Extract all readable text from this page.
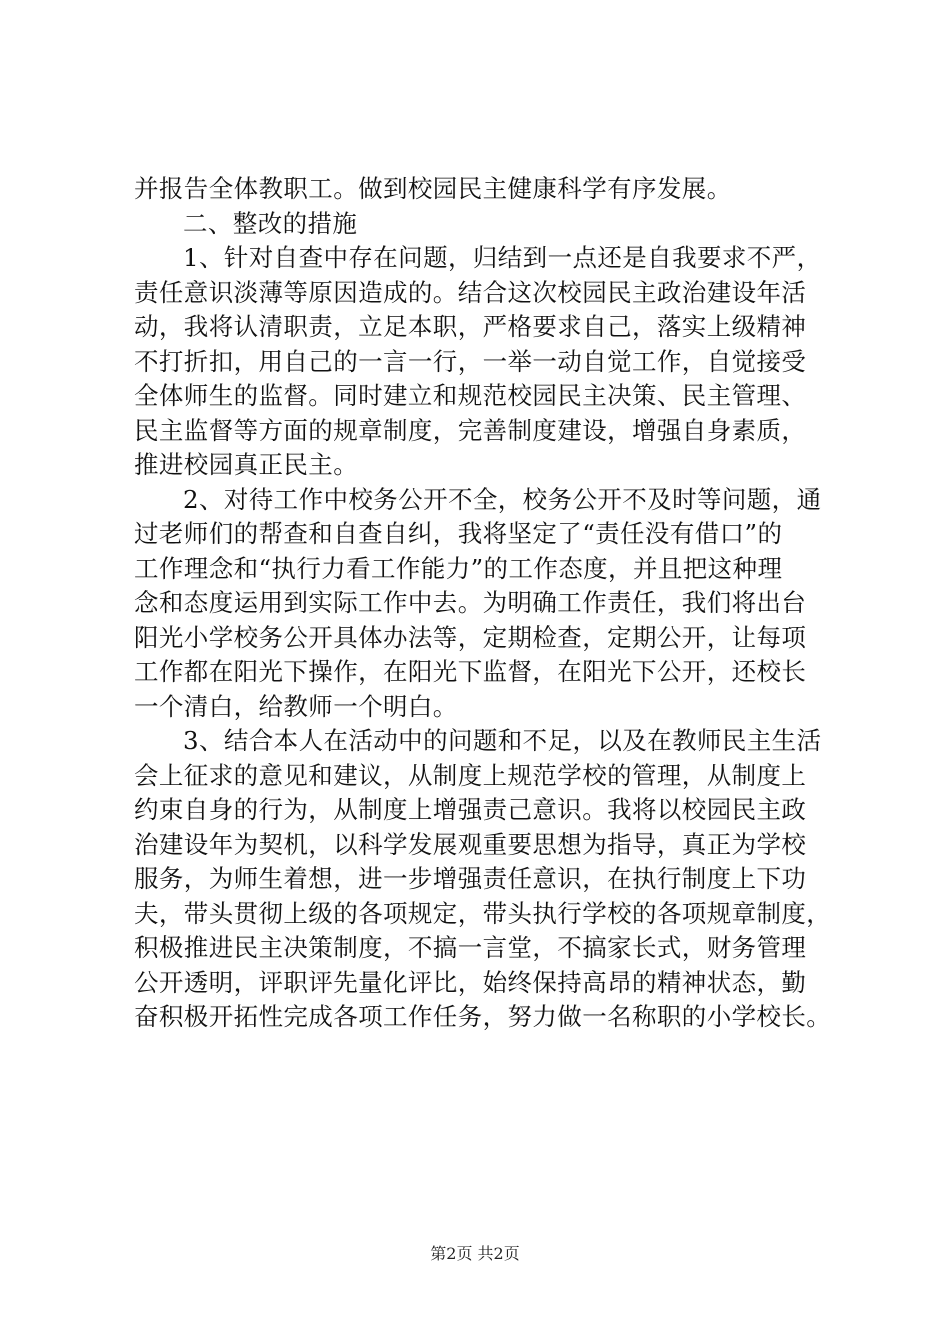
并报告全体教职工。做到校园民主健康科学有序发展。
二、整改的措施
1、针对自查中存在问题，归结到一点还是自我要求不严，
责任意识淡薄等原因造成的。结合这次校园民主政治建设年活
动，我将认清职责，立足本职，严格要求自己，落实上级精神
不打折扣，用自己的一言一行，一举一动自觉工作，自觉接受
全体师生的监督。同时建立和规范校园民主决策、民主管理、
民主监督等方面的规章制度，完善制度建设，增强自身素质，
推进校园真正民主。
2、对待工作中校务公开不全，校务公开不及时等问题，通
过老师们的帮查和自查自纠，我将坚定了“责任没有借口”的
工作理念和“执行力看工作能力”的工作态度，并且把这种理
念和态度运用到实际工作中去。为明确工作责任，我们将出台
阳光小学校务公开具体办法等，定期检查，定期公开，让每项
工作都在阳光下操作，在阳光下监督，在阳光下公开，还校长
一个清白，给教师一个明白。
3、结合本人在活动中的问题和不足，以及在教师民主生活
会上征求的意见和建议，从制度上规范学校的管理，从制度上
约束自身的行为，从制度上增强责己意识。我将以校园民主政
治建设年为契机，以科学发展观重要思想为指导，真正为学校
服务，为师生着想，进一步增强责任意识，在执行制度上下功
夫，带头贯彻上级的各项规定，带头执行学校的各项规章制度，
积极推进民主决策制度，不搞一言堂，不搞家长式，财务管理
公开透明，评职评先量化评比，始终保持高昂的精神状态，勤
奋积极开拓性完成各项工作任务，努力做一名称职的小学校长。
第2页 共2页
